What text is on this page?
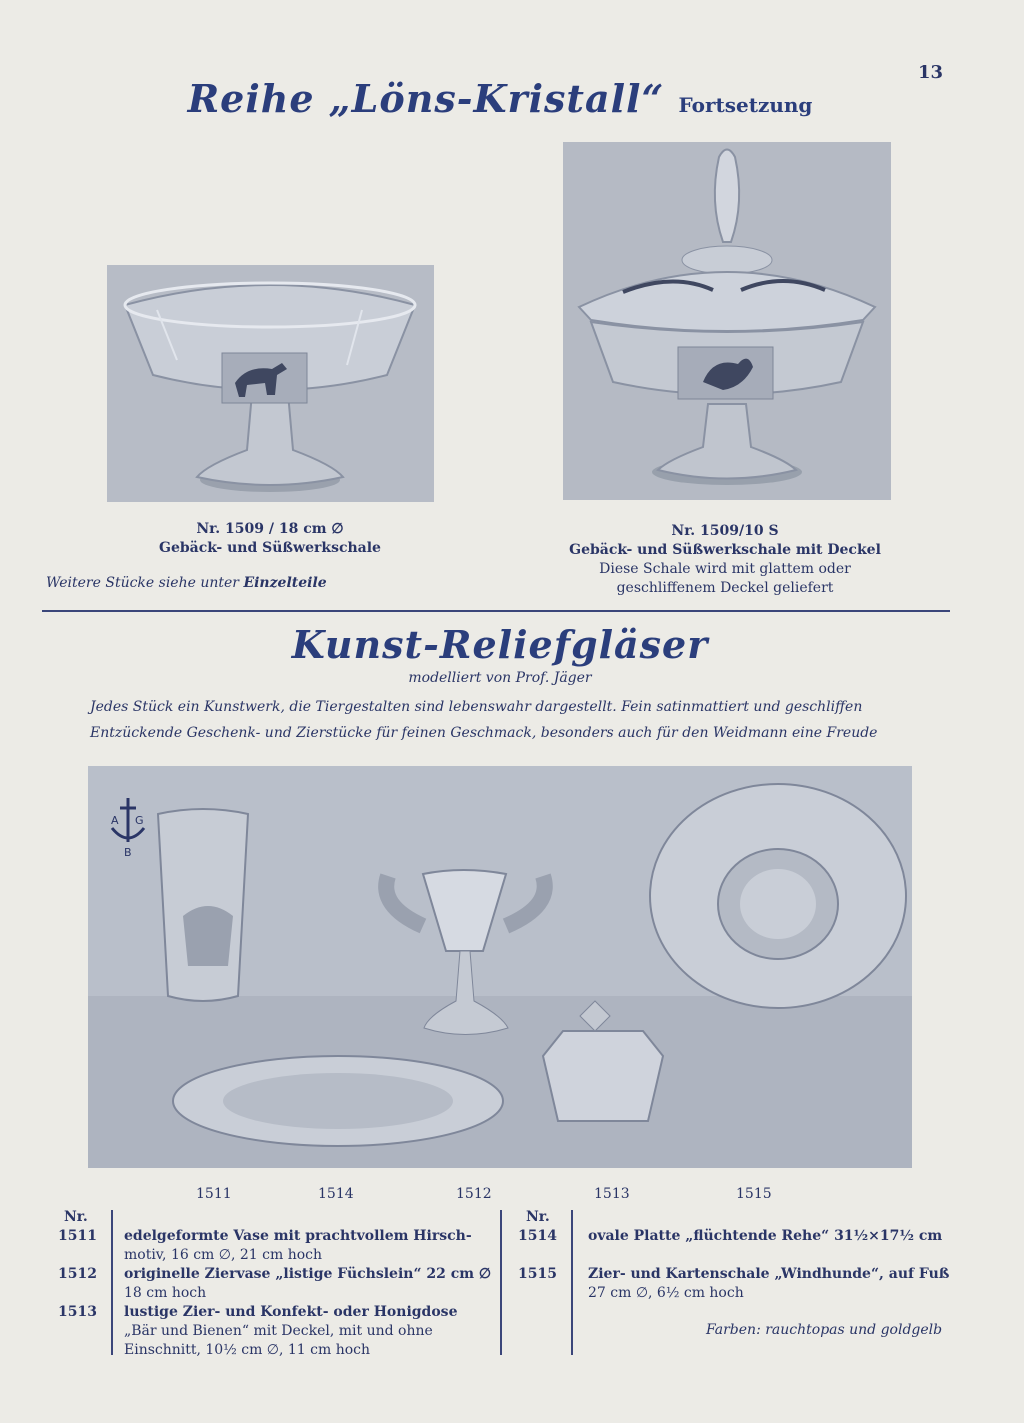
13
Reihe „Löns‑Kristall“ Fortsetzung
Nr. 1509 / 18 cm ∅
Gebäck- und Süßwerkschale
Weitere Stücke siehe unter Einzelteile
Nr. 1509/10 S
Gebäck- und Süßwerkschale mit Deckel
Diese Schale wird mit glattem oder
geschliffenem Deckel geliefert
Kunst-Reliefgläser
modelliert von Prof. Jäger
Jedes Stück ein Kunstwerk, die Tiergestalten sind lebenswahr dargestellt. Fein satinmattiert und geschliffen
Entzückende Geschenk- und Zierstücke für feinen Geschmack, besonders auch für den Weidmann eine Freude
A G
B
1511	1514	1512	1513	1515
Nr.
1511	edelgeformte Vase mit prachtvollem Hirsch-
motiv, 16 cm ∅, 21 cm hoch
1512	originelle Ziervase „listige Füchslein“ 22 cm ∅
18 cm hoch
1513	lustige Zier- und Konfekt- oder Honigdose
„Bär und Bienen“ mit Deckel, mit und ohne
Einschnitt, 10½ cm ∅, 11 cm hoch
Nr.
1514	ovale Platte „flüchtende Rehe“ 31½×17½ cm
1515	Zier- und Kartenschale „Windhunde“, auf Fuß
27 cm ∅, 6½ cm hoch
Farben: rauchtopas und goldgelb
